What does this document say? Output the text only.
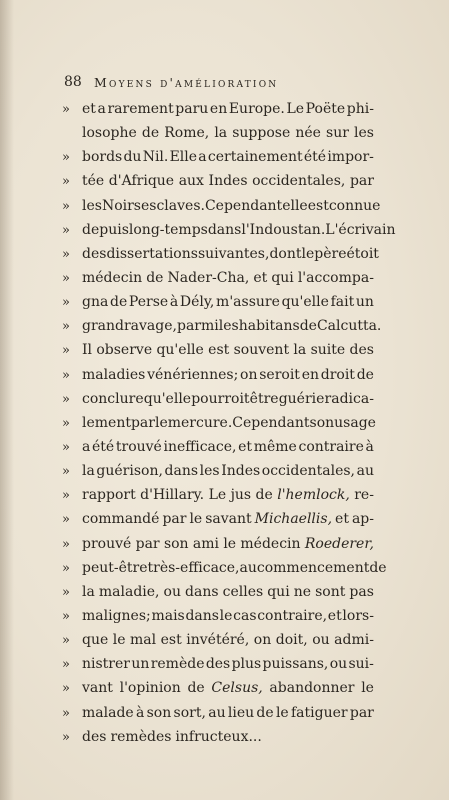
88 Moyens d'amélioration
» et a rarement paru en Europe. Le Poëte phi-
losophe de Rome, la suppose née sur les
» bords du Nil. Elle a certainement été impor-
» tée d'Afrique aux Indes occidentales, par
» les Noirs esclaves. Cependant elle est connue
» depuis long-temps dans l'Indoustan. L'écrivain
» des dissertations suivantes, dont le père étoit
» médecin de Nader-Cha, et qui l'accompa-
» gna de Perse à Dély, m'assure qu'elle fait un
» grand ravage, parmi les habitans de Calcutta.
» Il observe qu'elle est souvent la suite des
» maladies vénériennes; on seroit en droit de
» conclure qu'elle pourroit être guérie radica-
» lement par le mercure. Cependant son usage
» a été trouvé inefficace, et même contraire à
» la guérison, dans les Indes occidentales, au
» rapport d'Hillary. Le jus de l'hemlock, re-
» commandé par le savant Michaellis, et ap-
» prouvé par son ami le médecin Roederer,
» peut-être très-efficace, au commencement de
» la maladie, ou dans celles qui ne sont pas
» malignes; mais dans le cas contraire, et lors-
» que le mal est invétéré, on doit, ou admi-
» nistrer un remède des plus puissans, ou sui-
» vant l'opinion de Celsus, abandonner le
» malade à son sort, au lieu de le fatiguer par
» des remèdes infructeux...
